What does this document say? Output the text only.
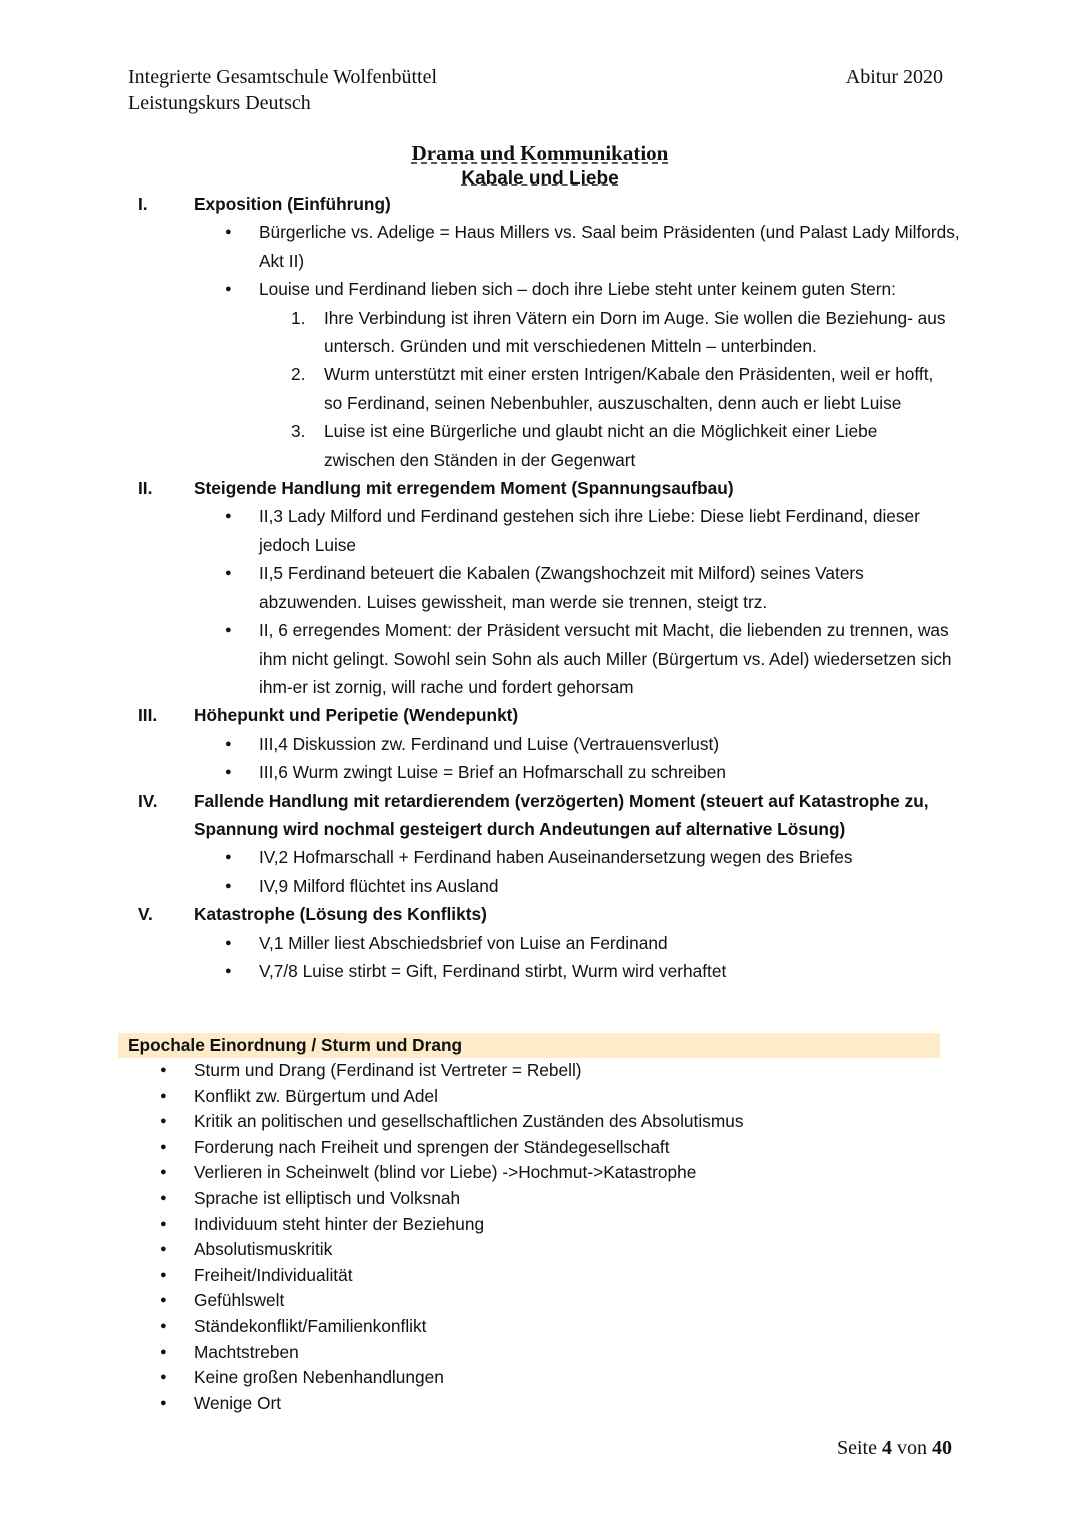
Integrierte Gesamtschule Wolfenbüttel
Leistungskurs Deutsch
Abitur 2020
Drama und Kommunikation
Kabale und Liebe
I.	Exposition (Einführung)
● Bürgerliche vs. Adelige = Haus Millers vs. Saal beim Präsidenten (und Palast Lady Milfords, Akt II)
● Louise und Ferdinand lieben sich – doch ihre Liebe steht unter keinem guten Stern:
1. Ihre Verbindung ist ihren Vätern ein Dorn im Auge. Sie wollen die Beziehung- aus untersch. Gründen und mit verschiedenen Mitteln – unterbinden.
2. Wurm unterstützt mit einer ersten Intrigen/Kabale den Präsidenten, weil er hofft, so Ferdinand, seinen Nebenbuhler, auszuschalten, denn auch er liebt Luise
3. Luise ist eine Bürgerliche und glaubt nicht an die Möglichkeit einer Liebe zwischen den Ständen in der Gegenwart
II.	Steigende Handlung mit erregendem Moment (Spannungsaufbau)
● II,3 Lady Milford und Ferdinand gestehen sich ihre Liebe: Diese liebt Ferdinand, dieser jedoch Luise
● II,5 Ferdinand beteuert die Kabalen (Zwangshochzeit mit Milford) seines Vaters abzuwenden. Luises gewissheit, man werde sie trennen, steigt trz.
● II, 6 erregendes Moment: der Präsident versucht mit Macht, die liebenden zu trennen, was ihm nicht gelingt. Sowohl sein Sohn als auch Miller (Bürgertum vs. Adel) wiedersetzen sich ihm-er ist zornig, will rache und fordert gehorsam
III.	Höhepunkt und Peripetie (Wendepunkt)
● III,4 Diskussion zw. Ferdinand und Luise (Vertrauensverlust)
● III,6 Wurm zwingt Luise = Brief an Hofmarschall zu schreiben
IV.	Fallende Handlung mit retardierendem (verzögerten) Moment (steuert auf Katastrophe zu, Spannung wird nochmal gesteigert durch Andeutungen auf alternative Lösung)
● IV,2 Hofmarschall + Ferdinand haben Auseinandersetzung wegen des Briefes
● IV,9 Milford flüchtet ins Ausland
V.	Katastrophe (Lösung des Konflikts)
● V,1 Miller liest Abschiedsbrief von Luise an Ferdinand
● V,7/8 Luise stirbt = Gift, Ferdinand stirbt, Wurm wird verhaftet
Epochale Einordnung / Sturm und Drang
● Sturm und Drang (Ferdinand ist Vertreter = Rebell)
● Konflikt zw. Bürgertum und Adel
● Kritik an politischen und gesellschaftlichen Zuständen des Absolutismus
● Forderung nach Freiheit und sprengen der Ständegesellschaft
● Verlieren in Scheinwelt (blind vor Liebe) ->Hochmut->Katastrophe
● Sprache ist elliptisch und Volksnah
● Individuum steht hinter der Beziehung
● Absolutismuskritik
● Freiheit/Individualität
● Gefühlswelt
● Ständekonflikt/Familienkonflikt
● Machtstreben
● Keine großen Nebenhandlungen
● Wenige Ort
Seite 4 von 40
